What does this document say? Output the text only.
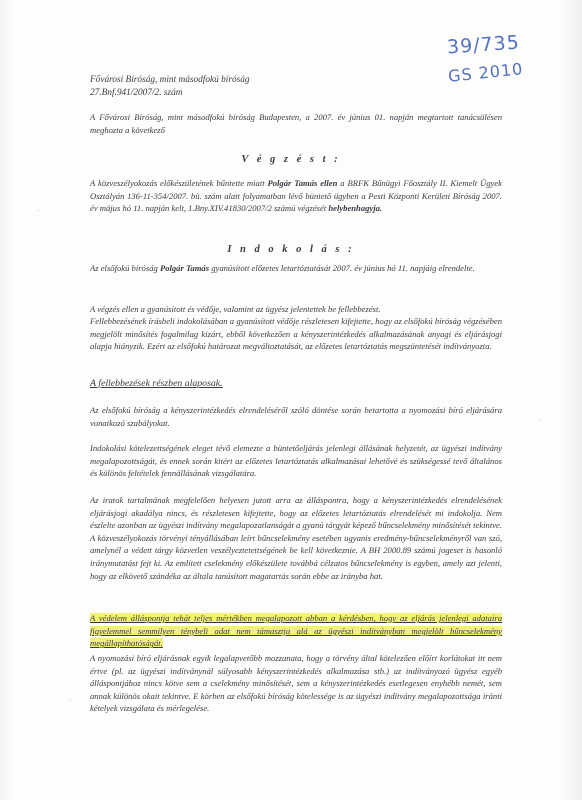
39/735
GS 2010
Fővárosi Bíróság, mint másodfokú bíróság
27.Bnf.941/2007/2. szám
A Fővárosi Bíróság, mint másodfokú bíróság Budapesten, a 2007. év június 01. napján megtartott tanácsülésen meghozta a következő
V é g z é s t :
A közveszélyokozás előkészületének bűntette miatt Polgár Tamás ellen a BRFK Bűnügyi Főosztály II. Kiemelt Ügyek Osztályán 136-11-354/2007. bü. szám alatt folyamatban lévő büntető ügyben a Pesti Központi Kerületi Bíróság 2007. év május hó 11. napján kelt, 1.Bny.XIV.41830/2007/2 számú végzését helybenhagyja.
I n d o k o l á s :
Az elsőfokú bíróság Polgár Tamás gyanúsított előzetes letartóztatását 2007. év június hó 11. napjáig elrendelte.
A végzés ellen a gyanúsított és védője, valamint az ügyész jelentettek be fellebbezést.
Fellebbezésének írásbeli indokolásában a gyanúsított védője részletesen kifejtette, hogy az elsőfokú bíróság végzésében megjelölt minősítés fogalmilag kizárt, ebből következően a kényszerintézkedés alkalmazásának anyagi és eljárásjogi alapja hiányzik. Ezért az elsőfokú határozat megváltoztatását, az előzetes letartóztatás megszüntetését indítványozta.
A fellebbezések részben alaposak.
Az elsőfokú bíróság a kényszerintézkedés elrendeléséről szóló döntése során betartotta a nyomozási bíró eljárására vonatkozó szabályokat.
Indokolási kötelezettségének eleget tévő elemezte a büntetőeljárás jelenlegi állásának helyzetét, az ügyészi indítvány megalapozottságát, és ennek során kitért az előzetes letartóztatás alkalmazásai lehetővé és szükségessé tevő általános és különös feltételek fennállásának vizsgálatára.
Az iratok tartalmának megfelelően helyesen jutott arra az álláspontra, hogy a kényszerintézkedés elrendelésének eljárásjogi akadálya nincs, és részletesen kifejtette, hogy az előzetes letartóztatás elrendelését mi indokolja. Nem észlelte azonban az ügyészi indítvány megalapozatlanságát a gyanú tárgyát képező bűncselekmény minősítését tekintve. A közveszélyokozás törvényi tényállásában leírt bűncselekmény esetében ugyanis eredmény-bűncselekményről van szó, amelynél a védett tárgy közvetlen veszélyeztetettségének be kell következnie. A BH 2000.89 számú jogeset is hasonló iránymutatást fejt ki. Az említett cselekmény előkészülete továbbá célzatos bűncselekmény is egyben, amely azt jelenti, hogy az elkövető szándéka az általa tanúsított magatartás során ebbe az irányba hat.
A védelem álláspontja tehát teljes mértékben megalapozott abban a kérdésben, hogy az eljárás jelenlegi adataira figyelemmel semmilyen ténybeli adat nem támasztja alá az ügyészi indítványban megjelölt bűncselekmény megállapíthatóságát.
A nyomozási bíró eljárásnak egyik legalapvetőbb mozzanata, hogy a törvény által kötelezően előírt korlátokat itt nem értve (pl. az ügyészi indítványnál súlyosabb kényszerintézkedés alkalmazása stb.) az indítványozó ügyész egyéb álláspontjához nincs kötve sem a cselekmény minősítését, sem a kényszerintézkedés esetlegesen enyhébb nemét, sem annak különös okait tekintve. E körben az elsőfokú bíróság kötelessége is az ügyészi indítvány megalapozottsága iránti kételyek vizsgálata és mérlegelése.
